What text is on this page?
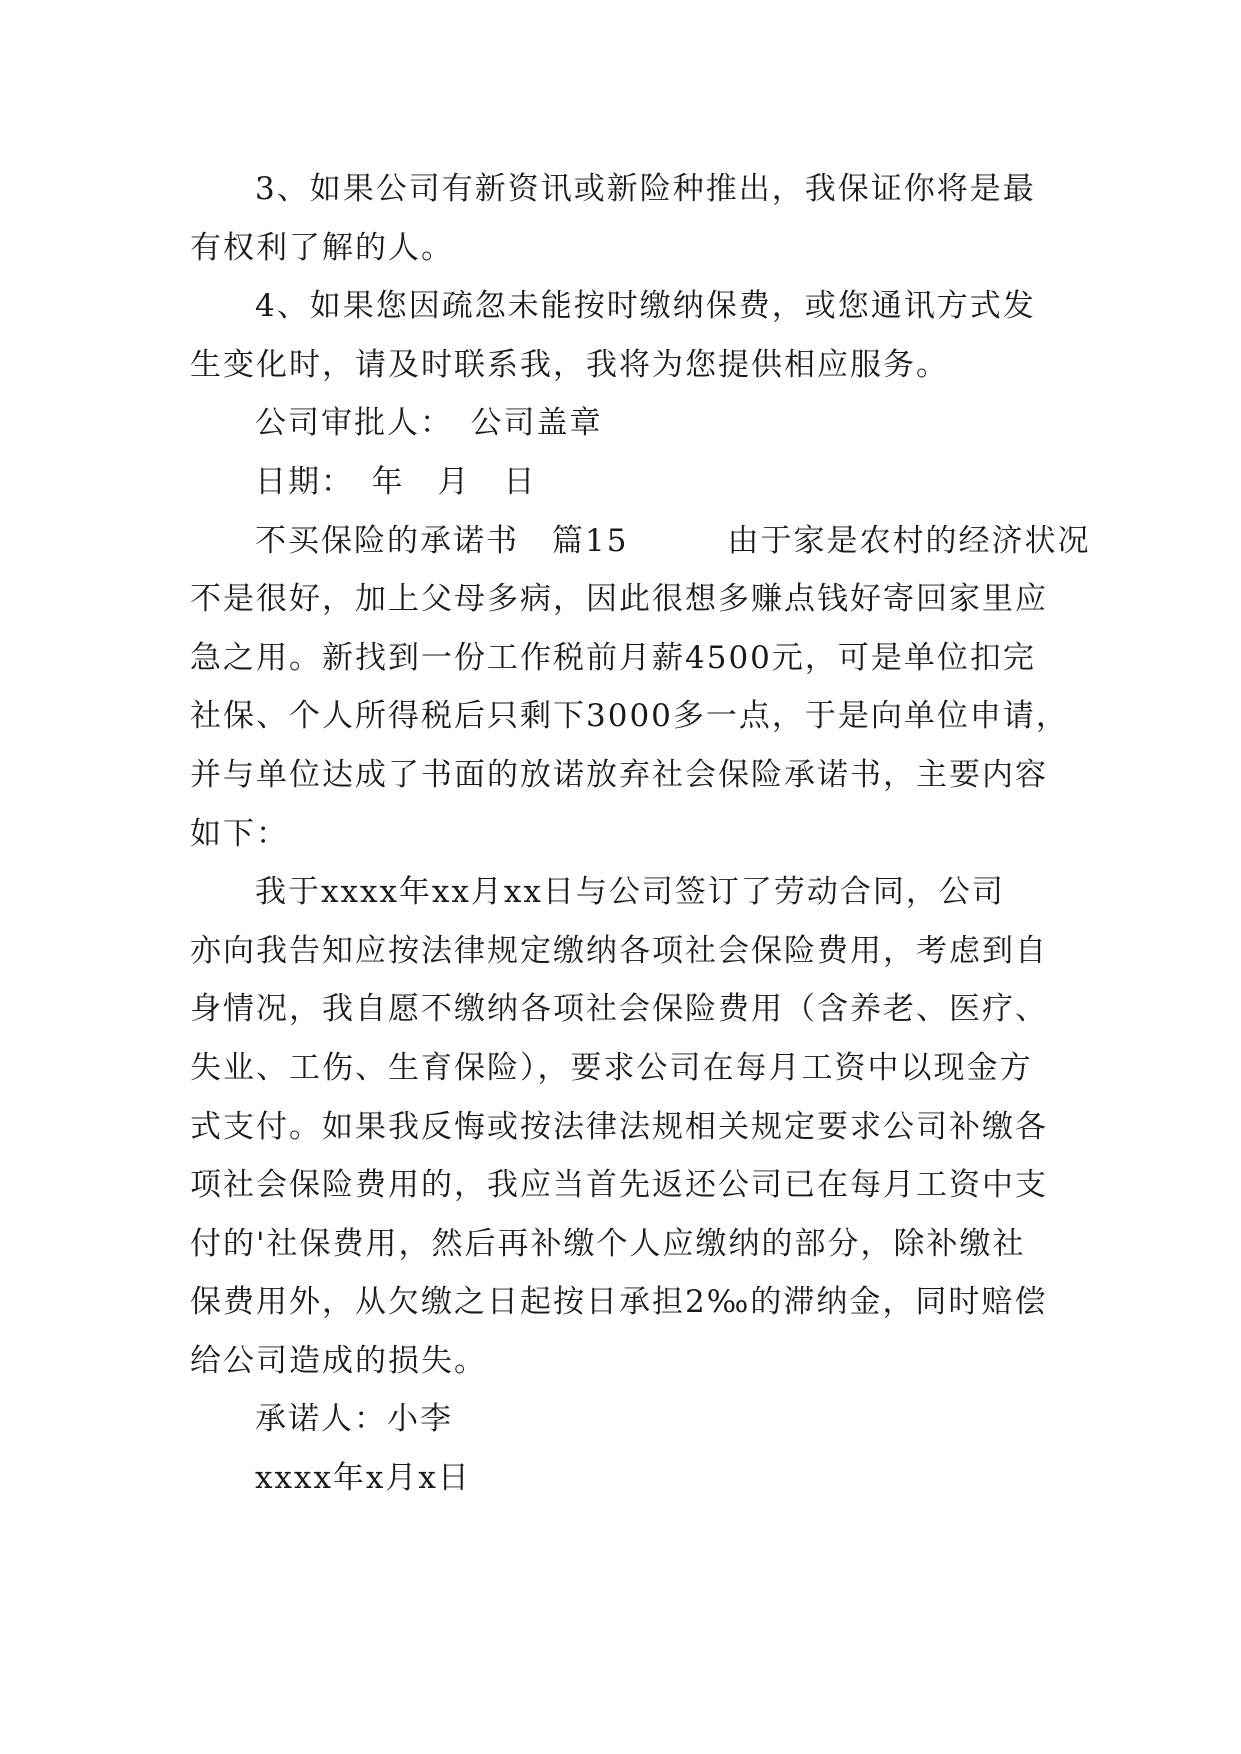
3、如果公司有新资讯或新险种推出，我保证你将是最
有权利了解的人。
4、如果您因疏忽未能按时缴纳保费，或您通讯方式发
生变化时，请及时联系我，我将为您提供相应服务。
公司审批人：　公司盖章
日期：　年　月　日
不买保险的承诺书　篇15　　　由于家是农村的经济状况
不是很好，加上父母多病，因此很想多赚点钱好寄回家里应
急之用。新找到一份工作税前月薪4500元，可是单位扣完
社保、个人所得税后只剩下3000多一点，于是向单位申请，
并与单位达成了书面的放诺放弃社会保险承诺书，主要内容
如下：
我于xxxx年xx月xx日与公司签订了劳动合同，公司
亦向我告知应按法律规定缴纳各项社会保险费用，考虑到自
身情况，我自愿不缴纳各项社会保险费用（含养老、医疗、
失业、工伤、生育保险），要求公司在每月工资中以现金方
式支付。如果我反悔或按法律法规相关规定要求公司补缴各
项社会保险费用的，我应当首先返还公司已在每月工资中支
付的'社保费用，然后再补缴个人应缴纳的部分，除补缴社
保费用外，从欠缴之日起按日承担2‰的滞纳金，同时赔偿
给公司造成的损失。
承诺人：小李
xxxx年x月x日
